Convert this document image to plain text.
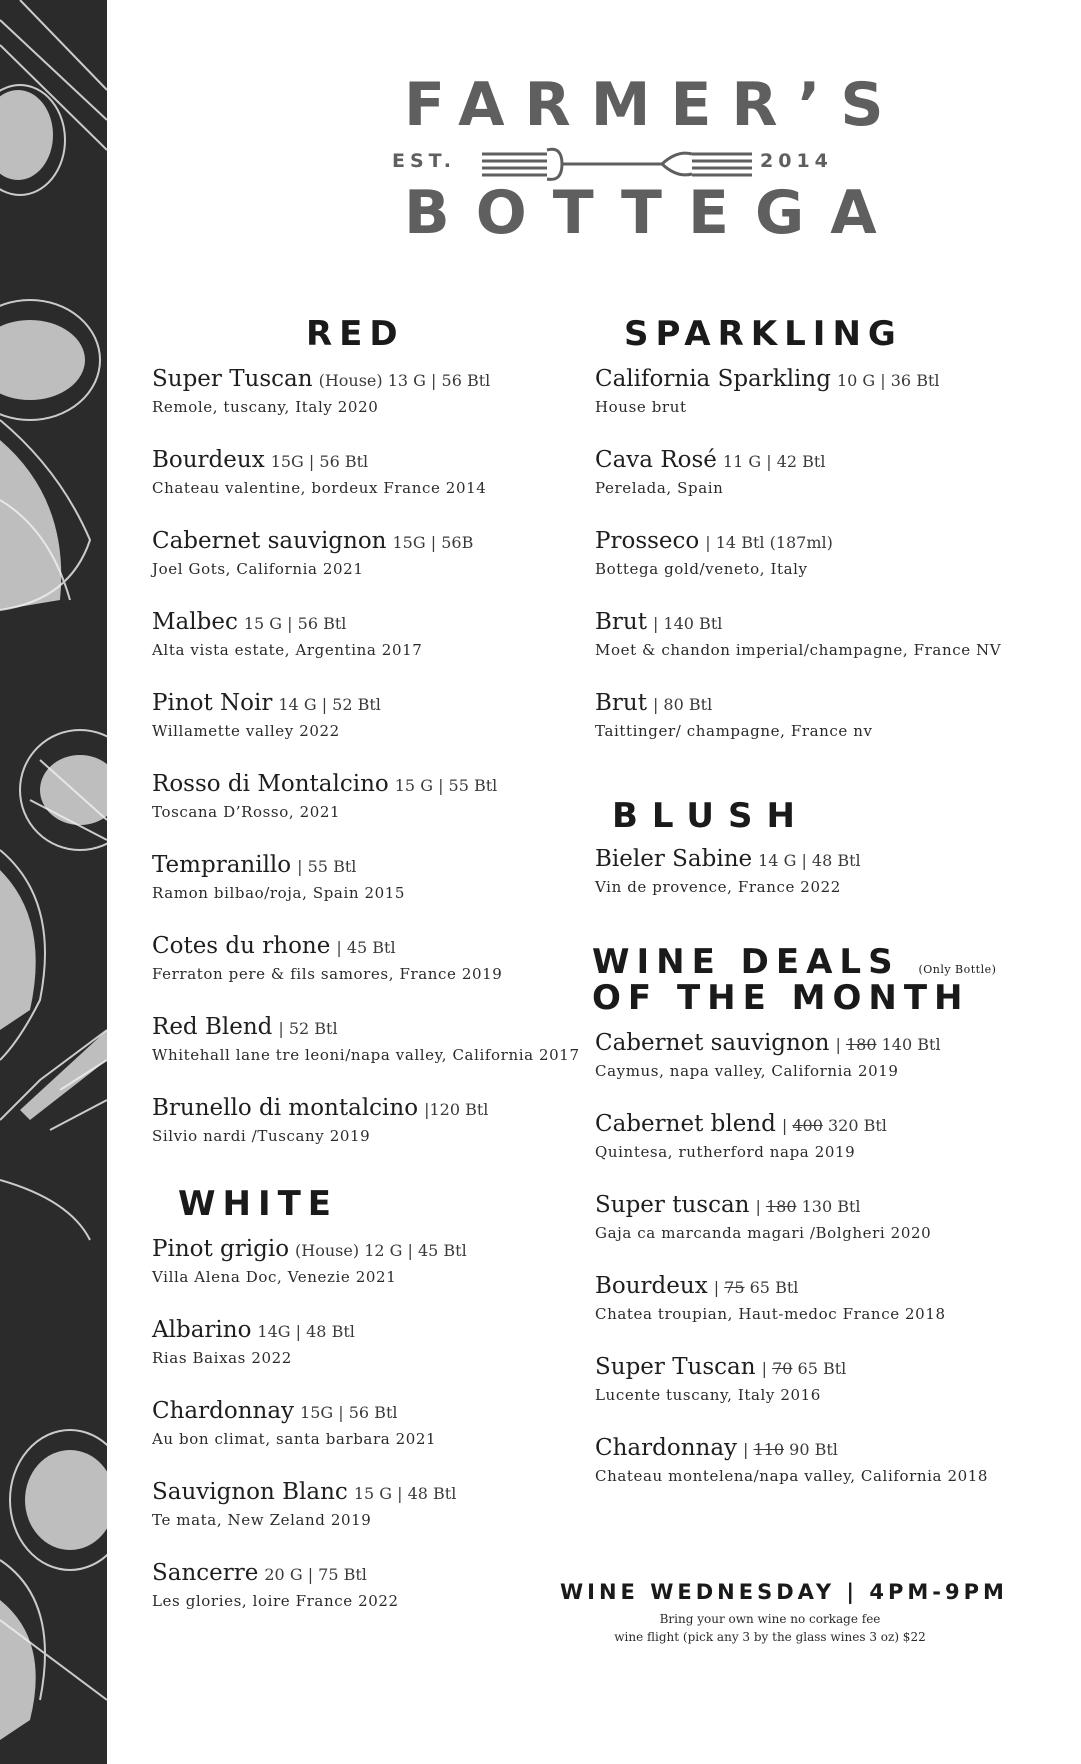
FARMER’S
EST.	2014
BOTTEGA
RED
Super Tuscan (House) 13 G | 56 Btl
Remole, tuscany, Italy 2020
Bourdeux 15G | 56 Btl
Chateau valentine, bordeux France 2014
Cabernet sauvignon 15G | 56B
Joel Gots, California 2021
Malbec 15 G | 56 Btl
Alta vista estate, Argentina 2017
Pinot Noir 14 G | 52 Btl
Willamette valley 2022
Rosso di Montalcino 15 G | 55 Btl
Toscana D’Rosso, 2021
Tempranillo | 55 Btl
Ramon bilbao/roja, Spain 2015
Cotes du rhone | 45 Btl
Ferraton pere & fils samores, France 2019
Red Blend | 52 Btl
Whitehall lane tre leoni/napa valley, California 2017
Brunello di montalcino |120 Btl
Silvio nardi /Tuscany 2019
WHITE
Pinot grigio (House) 12 G | 45 Btl
Villa Alena Doc, Venezie 2021
Albarino 14G | 48 Btl
Rias Baixas 2022
Chardonnay 15G | 56 Btl
Au bon climat, santa barbara 2021
Sauvignon Blanc 15 G | 48 Btl
Te mata, New Zeland 2019
Sancerre 20 G | 75 Btl
Les glories, loire France 2022
SPARKLING
California Sparkling 10 G | 36 Btl
House brut
Cava Rosé 11 G | 42 Btl
Perelada, Spain
Prosseco | 14 Btl (187ml)
Bottega gold/veneto, Italy
Brut | 140 Btl
Moet & chandon imperial/champagne, France NV
Brut | 80 Btl
Taittinger/ champagne, France nv
BLUSH
Bieler Sabine 14 G | 48 Btl
Vin de provence, France 2022
WINE DEALS (Only Bottle)
OF THE MONTH
Cabernet sauvignon | 180 140 Btl
Caymus, napa valley, California 2019
Cabernet blend | 400 320 Btl
Quintesa, rutherford napa 2019
Super tuscan | 180 130 Btl
Gaja ca marcanda magari /Bolgheri 2020
Bourdeux | 75 65 Btl
Chatea troupian, Haut-medoc France 2018
Super Tuscan | 70 65 Btl
Lucente tuscany, Italy 2016
Chardonnay | 110 90 Btl
Chateau montelena/napa valley, California 2018
WINE WEDNESDAY | 4PM-9PM
Bring your own wine no corkage fee
wine flight (pick any 3 by the glass wines 3 oz) $22
